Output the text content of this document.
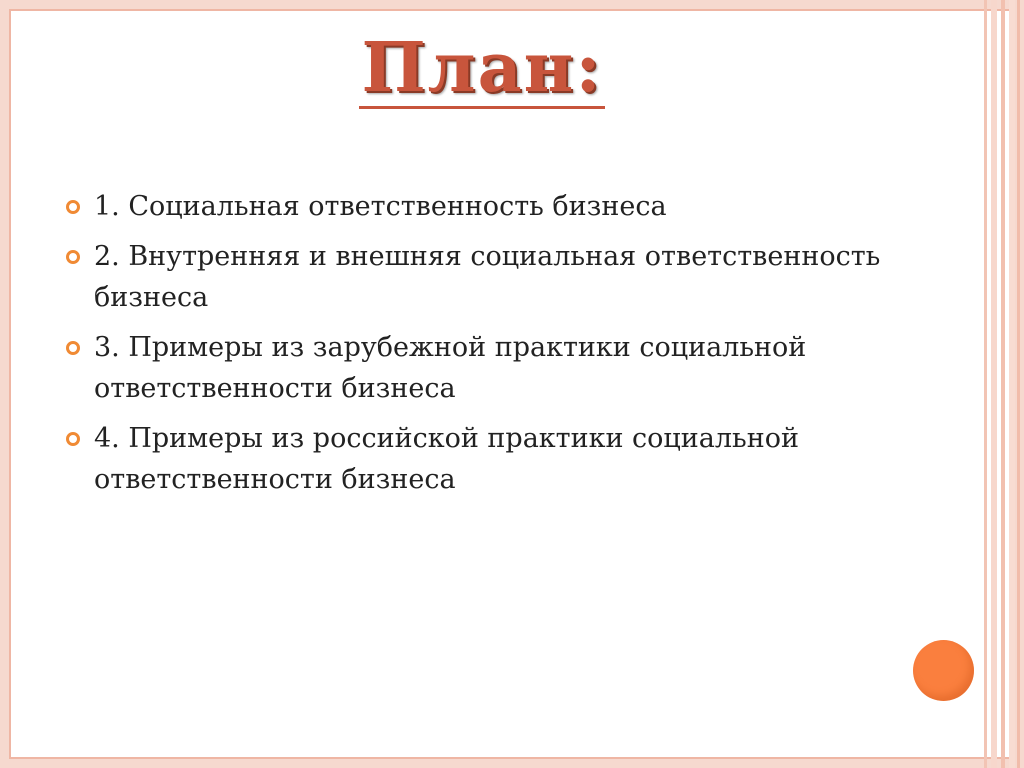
План:
1. Социальная ответственность бизнеса
2. Внутренняя и внешняя социальная ответственность бизнеса
3. Примеры из зарубежной практики социальной ответственности бизнеса
4. Примеры из российской практики социальной ответственности бизнеса
